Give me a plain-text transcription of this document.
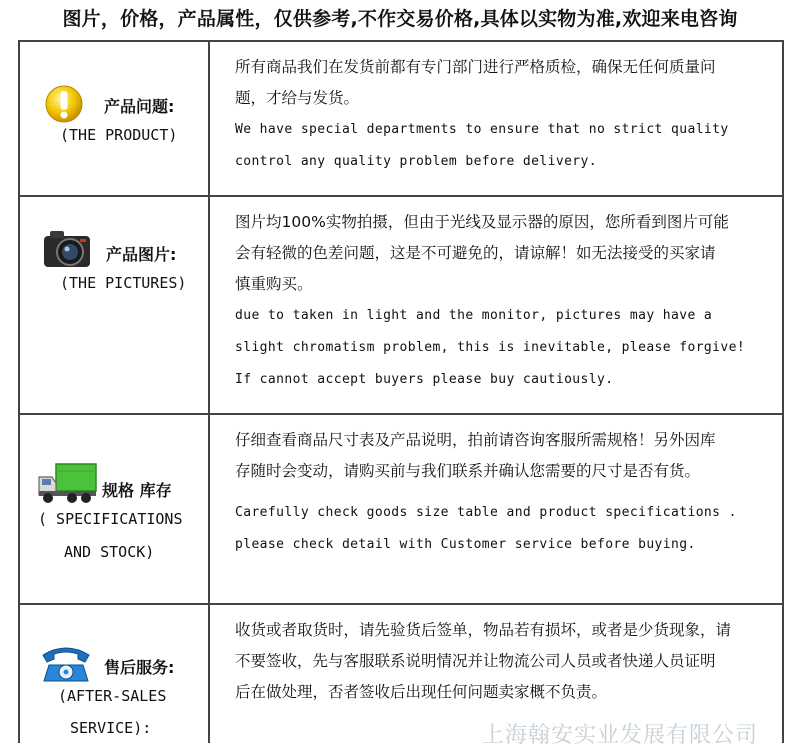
图片，价格，产品属性，仅供参考,不作交易价格,具体以实物为准,欢迎来电咨询
产品问题:
(THE PRODUCT)

所有商品我们在发货前都有专门部门进行严格质检，确保无任何质量问

题，才给与发货。

We have special departments to ensure that no strict quality

control any quality problem before delivery.

产品图片:
(THE PICTURES)

图片均100%实物拍摄，但由于光线及显示器的原因，您所看到图片可能

会有轻微的色差问题，这是不可避免的，请谅解！如无法接受的买家请

慎重购买。

due to taken in light and the monitor, pictures may have a

slight chromatism problem, this is inevitable, please forgive!

If cannot accept buyers please buy cautiously.

规格 库存
( SPECIFICATIONS
AND STOCK)

仔细查看商品尺寸表及产品说明，拍前请咨询客服所需规格！另外因库

存随时会变动，请购买前与我们联系并确认您需要的尺寸是否有货。

Carefully check goods size table and product specifications .

please check detail with Customer service before buying.

售后服务:
(AFTER-SALES
SERVICE):

收货或者取货时，请先验货后签单，物品若有损坏，或者是少货现象，请

不要签收，先与客服联系说明情况并让物流公司人员或者快递人员证明

后在做处理，否者签收后出现任何问题卖家概不负责。

上海翰安实业发展有限公司
